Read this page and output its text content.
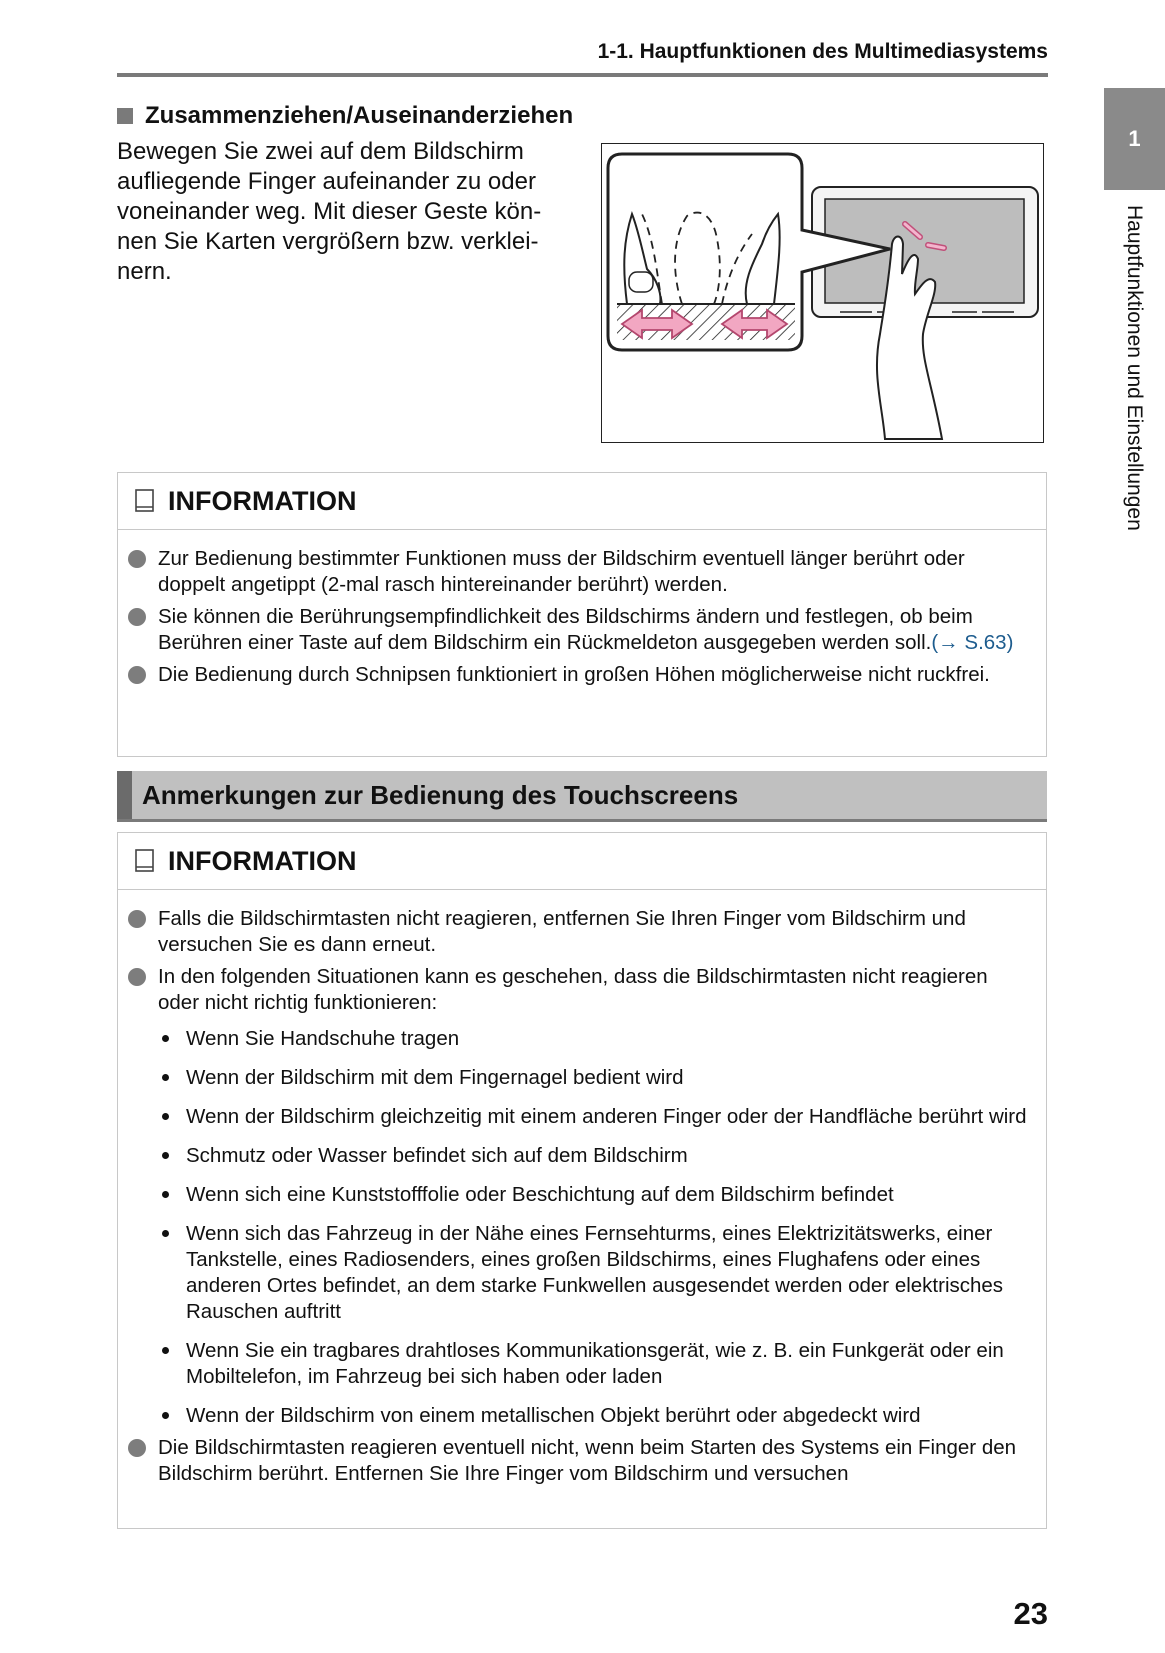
1-1. Hauptfunktionen des Multimediasystems
1
Hauptfunktionen und Einstellungen
Zusammenziehen/Auseinanderziehen
Bewegen Sie zwei auf dem Bildschirm
aufliegende Finger aufeinander zu oder
voneinander weg. Mit dieser Geste kön-
nen Sie Karten vergrößern bzw. verklei-
nern.
INFORMATION
Zur Bedienung bestimmter Funktionen muss der Bildschirm eventuell länger berührt oder doppelt angetippt (2-mal rasch hintereinander berührt) werden.
Sie können die Berührungsempfindlichkeit des Bildschirms ändern und festlegen, ob beim Berühren einer Taste auf dem Bildschirm ein Rückmeldeton ausgegeben werden soll.(→ S.63)
Die Bedienung durch Schnipsen funktioniert in großen Höhen möglicherweise nicht ruckfrei.
Anmerkungen zur Bedienung des Touchscreens
INFORMATION
Falls die Bildschirmtasten nicht reagieren, entfernen Sie Ihren Finger vom Bildschirm und versuchen Sie es dann erneut.
In den folgenden Situationen kann es geschehen, dass die Bildschirmtasten nicht reagieren oder nicht richtig funktionieren:
Wenn Sie Handschuhe tragen
Wenn der Bildschirm mit dem Fingernagel bedient wird
Wenn der Bildschirm gleichzeitig mit einem anderen Finger oder der Handfläche berührt wird
Schmutz oder Wasser befindet sich auf dem Bildschirm
Wenn sich eine Kunststofffolie oder Beschichtung auf dem Bildschirm befindet
Wenn sich das Fahrzeug in der Nähe eines Fernsehturms, eines Elektrizitätswerks, einer Tankstelle, eines Radiosenders, eines großen Bildschirms, eines Flughafens oder eines anderen Ortes befindet, an dem starke Funkwellen ausgesendet werden oder elektrisches Rauschen auftritt
Wenn Sie ein tragbares drahtloses Kommunikationsgerät, wie z. B. ein Funkgerät oder ein Mobiltelefon, im Fahrzeug bei sich haben oder laden
Wenn der Bildschirm von einem metallischen Objekt berührt oder abgedeckt wird
Die Bildschirmtasten reagieren eventuell nicht, wenn beim Starten des Systems ein Finger den Bildschirm berührt. Entfernen Sie Ihre Finger vom Bildschirm und versuchen
23
